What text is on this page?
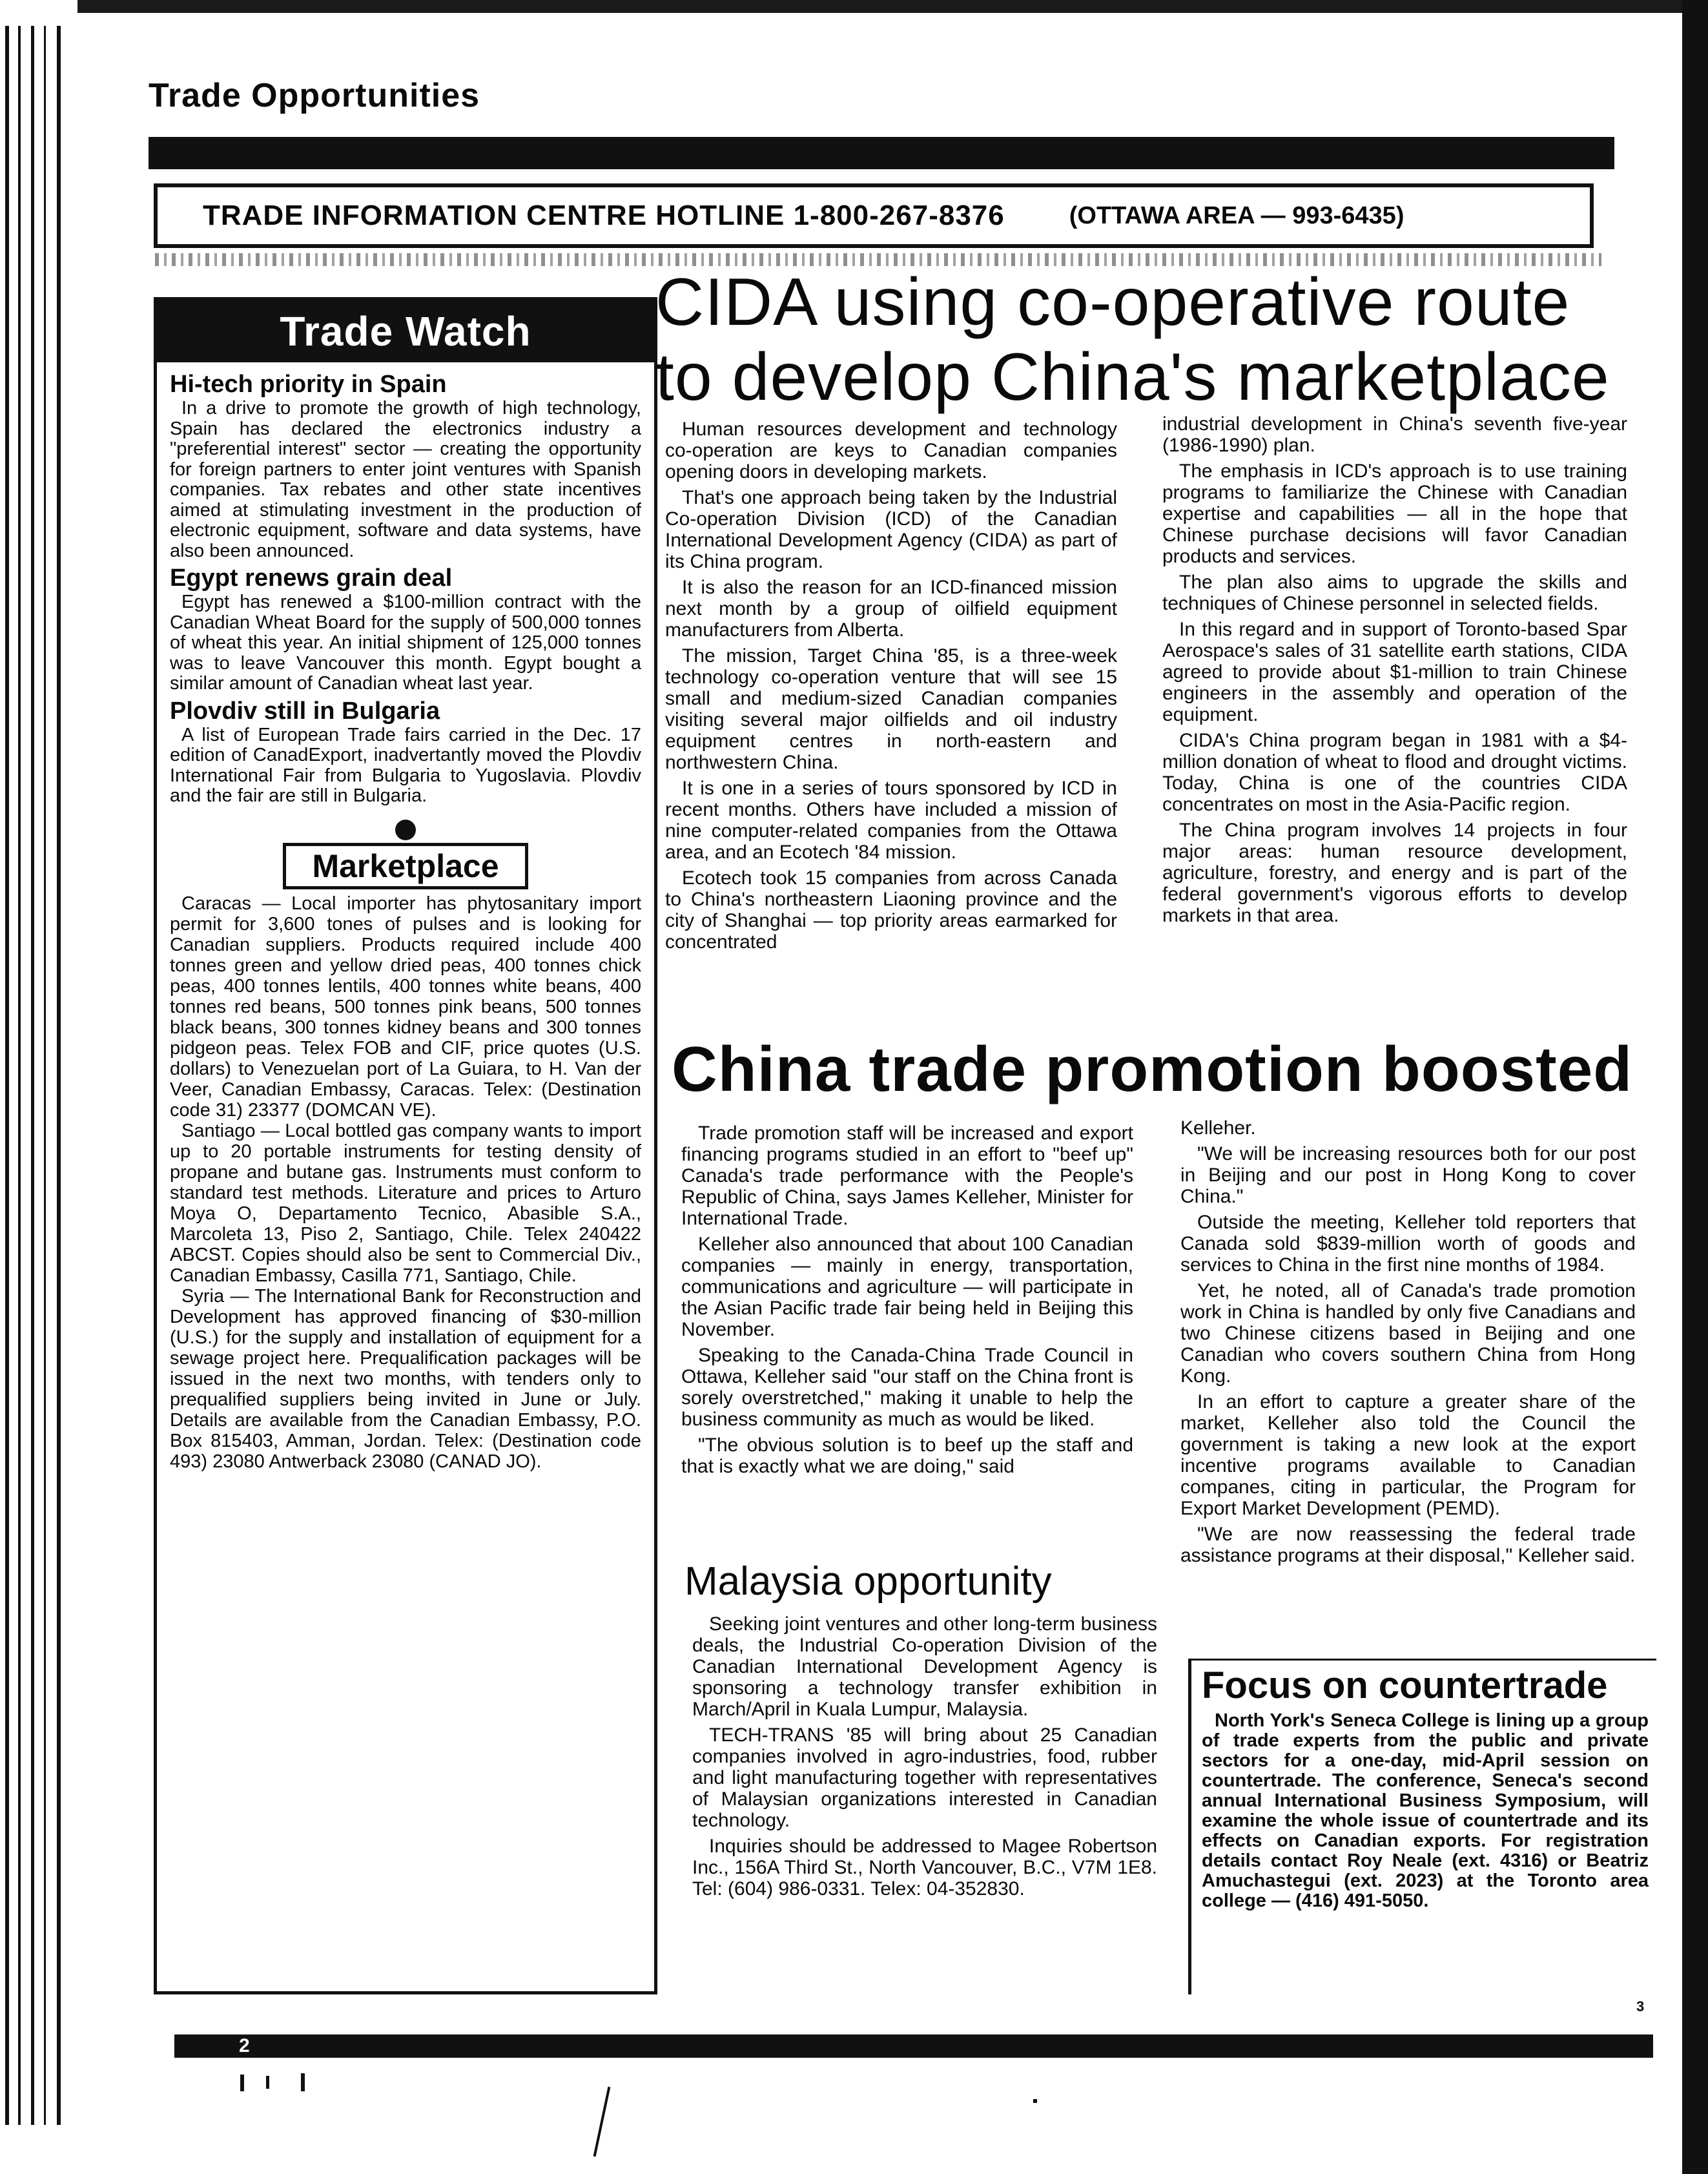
Trade Opportunities
TRADE INFORMATION CENTRE HOTLINE 1-800-267-8376	(OTTAWA AREA — 993-6435)
Trade Watch
Hi-tech priority in Spain
In a drive to promote the growth of high technology, Spain has declared the electronics industry a "preferential interest" sector — creating the opportunity for foreign partners to enter joint ventures with Spanish companies. Tax rebates and other state incentives aimed at stimulating investment in the production of electronic equipment, software and data systems, have also been announced.
Egypt renews grain deal
Egypt has renewed a $100-million contract with the Canadian Wheat Board for the supply of 500,000 tonnes of wheat this year. An initial shipment of 125,000 tonnes was to leave Vancouver this month. Egypt bought a similar amount of Canadian wheat last year.
Plovdiv still in Bulgaria
A list of European Trade fairs carried in the Dec. 17 edition of CanadExport, inadvertantly moved the Plovdiv International Fair from Bulgaria to Yugoslavia. Plovdiv and the fair are still in Bulgaria.
Marketplace
Caracas — Local importer has phytosanitary import permit for 3,600 tones of pulses and is looking for Canadian suppliers. Products required include 400 tonnes green and yellow dried peas, 400 tonnes chick peas, 400 tonnes lentils, 400 tonnes white beans, 400 tonnes red beans, 500 tonnes pink beans, 500 tonnes black beans, 300 tonnes kidney beans and 300 tonnes pidgeon peas. Telex FOB and CIF, price quotes (U.S. dollars) to Venezuelan port of La Guiara, to H. Van der Veer, Canadian Embassy, Caracas. Telex: (Destination code 31) 23377 (DOMCAN VE).
Santiago — Local bottled gas company wants to import up to 20 portable instruments for testing density of propane and butane gas. Instruments must conform to standard test methods. Literature and prices to Arturo Moya O, Departamento Tecnico, Abasible S.A., Marcoleta 13, Piso 2, Santiago, Chile. Telex 240422 ABCST. Copies should also be sent to Commercial Div., Canadian Embassy, Casilla 771, Santiago, Chile.
Syria — The International Bank for Reconstruction and Development has approved financing of $30-million (U.S.) for the supply and installation of equipment for a sewage project here. Prequalification packages will be issued in the next two months, with tenders only to prequalified suppliers being invited in June or July. Details are available from the Canadian Embassy, P.O. Box 815403, Amman, Jordan. Telex: (Destination code 493) 23080 Antwerback 23080 (CANAD JO).
CIDA using co-operative route to develop China's marketplace

Human resources development and technology co-operation are keys to Canadian companies opening doors in developing markets.

That's one approach being taken by the Industrial Co-operation Division (ICD) of the Canadian International Development Agency (CIDA) as part of its China program.

It is also the reason for an ICD-financed mission next month by a group of oilfield equipment manufacturers from Alberta.

The mission, Target China '85, is a three-week technology co-operation venture that will see 15 small and medium-sized Canadian companies visiting several major oilfields and oil industry equipment centres in north-eastern and northwestern China.

It is one in a series of tours sponsored by ICD in recent months. Others have included a mission of nine computer-related companies from the Ottawa area, and an Ecotech '84 mission.

Ecotech took 15 companies from across Canada to China's northeastern Liaoning province and the city of Shanghai — top priority areas earmarked for concentrated

industrial development in China's seventh five-year (1986-1990) plan.

The emphasis in ICD's approach is to use training programs to familiarize the Chinese with Canadian expertise and capabilities — all in the hope that Chinese purchase decisions will favor Canadian products and services.

The plan also aims to upgrade the skills and techniques of Chinese personnel in selected fields.

In this regard and in support of Toronto-based Spar Aerospace's sales of 31 satellite earth stations, CIDA agreed to provide about $1-million to train Chinese engineers in the assembly and operation of the equipment.

CIDA's China program began in 1981 with a $4-million donation of wheat to flood and drought victims. Today, China is one of the countries CIDA concentrates on most in the Asia-Pacific region.

The China program involves 14 projects in four major areas: human resource development, agriculture, forestry, and energy and is part of the federal government's vigorous efforts to develop markets in that area.

China trade promotion boosted

Trade promotion staff will be increased and export financing programs studied in an effort to "beef up" Canada's trade performance with the People's Republic of China, says James Kelleher, Minister for International Trade.

Kelleher also announced that about 100 Canadian companies — mainly in energy, transportation, communications and agriculture — will participate in the Asian Pacific trade fair being held in Beijing this November.

Speaking to the Canada-China Trade Council in Ottawa, Kelleher said "our staff on the China front is sorely overstretched," making it unable to help the business community as much as would be liked.

"The obvious solution is to beef up the staff and that is exactly what we are doing," said

Kelleher.

"We will be increasing resources both for our post in Beijing and our post in Hong Kong to cover China."

Outside the meeting, Kelleher told reporters that Canada sold $839-million worth of goods and services to China in the first nine months of 1984.

Yet, he noted, all of Canada's trade promotion work in China is handled by only five Canadians and two Chinese citizens based in Beijing and one Canadian who covers southern China from Hong Kong.

In an effort to capture a greater share of the market, Kelleher also told the Council the government is taking a new look at the export incentive programs available to Canadian companes, citing in particular, the Program for Export Market Development (PEMD).

"We are now reassessing the federal trade assistance programs at their disposal," Kelleher said.

Malaysia opportunity

Seeking joint ventures and other long-term business deals, the Industrial Co-operation Division of the Canadian International Development Agency is sponsoring a technology transfer exhibition in March/April in Kuala Lumpur, Malaysia.

TECH-TRANS '85 will bring about 25 Canadian companies involved in agro-industries, food, rubber and light manufacturing together with representatives of Malaysian organizations interested in Canadian technology.

Inquiries should be addressed to Magee Robertson Inc., 156A Third St., North Vancouver, B.C., V7M 1E8. Tel: (604) 986-0331. Telex: 04-352830.

Focus on countertrade
North York's Seneca College is lining up a group of trade experts from the public and private sectors for a one-day, mid-April session on countertrade. The conference, Seneca's second annual International Business Symposium, will examine the whole issue of countertrade and its effects on Canadian exports. For registration details contact Roy Neale (ext. 4316) or Beatriz Amuchastegui (ext. 2023) at the Toronto area college — (416) 491-5050.
2
3
